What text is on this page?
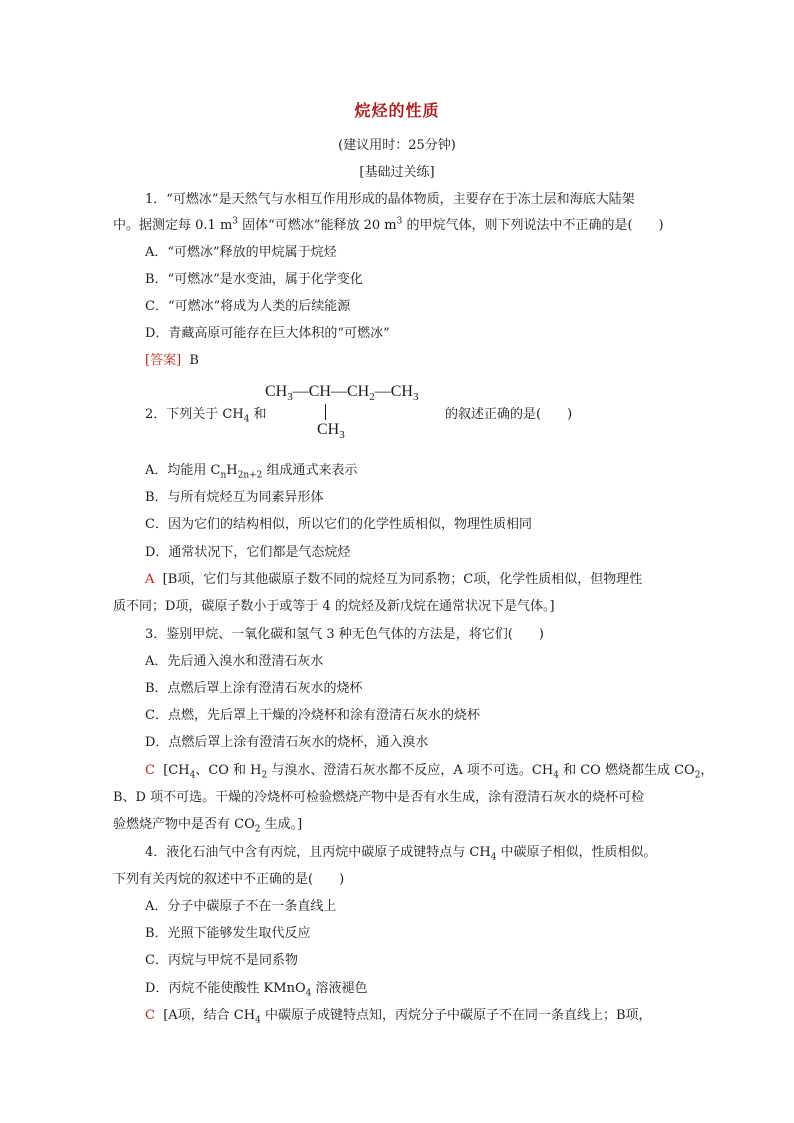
烷烃的性质
(建议用时：25分钟)
[基础过关练]
1．“可燃冰”是天然气与水相互作用形成的晶体物质，主要存在于冻土层和海底大陆架
中。据测定每 0.1 $m^3$ 固体“可燃冰”能释放 20 $m^3$ 的甲烷气体，则下列说法中不正确的是(　　)
A．“可燃冰”释放的甲烷属于烷烃
B．“可燃冰”是水变油，属于化学变化
C．“可燃冰”将成为人类的后续能源
D．青藏高原可能存在巨大体积的“可燃冰”
[答案] B
2．下列关于 $CH_4$ 和
$CH_3—CH—CH_2—CH_3$
$CH_3$
的叙述正确的是(　　)
A．均能用 $C_nH_{2n+2}$ 组成通式来表示
B．与所有烷烃互为同素异形体
C．因为它们的结构相似，所以它们的化学性质相似，物理性质相同
D．通常状况下，它们都是气态烷烃
A [B项，它们与其他碳原子数不同的烷烃互为同系物；C项，化学性质相似，但物理性
质不同；D项，碳原子数小于或等于 4 的烷烃及新戊烷在通常状况下是气体。]
3．鉴别甲烷、一氧化碳和氢气 3 种无色气体的方法是，将它们(　　)
A．先后通入溴水和澄清石灰水
B．点燃后罩上涂有澄清石灰水的烧杯
C．点燃，先后罩上干燥的冷烧杯和涂有澄清石灰水的烧杯
D．点燃后罩上涂有澄清石灰水的烧杯，通入溴水
C [$CH_4$、CO 和 $H_2$ 与溴水、澄清石灰水都不反应，A 项不可选。$CH_4$ 和 CO 燃烧都生成 $CO_2$，
B、D 项不可选。干燥的冷烧杯可检验燃烧产物中是否有水生成，涂有澄清石灰水的烧杯可检
验燃烧产物中是否有 $CO_2$ 生成。]
4．液化石油气中含有丙烷，且丙烷中碳原子成键特点与 $CH_4$ 中碳原子相似，性质相似。
下列有关丙烷的叙述中不正确的是(　　)
A．分子中碳原子不在一条直线上
B．光照下能够发生取代反应
C．丙烷与甲烷不是同系物
D．丙烷不能使酸性 KMnO$_4$ 溶液褪色
C [A项，结合 $CH_4$ 中碳原子成键特点知，丙烷分子中碳原子不在同一条直线上；B项，
